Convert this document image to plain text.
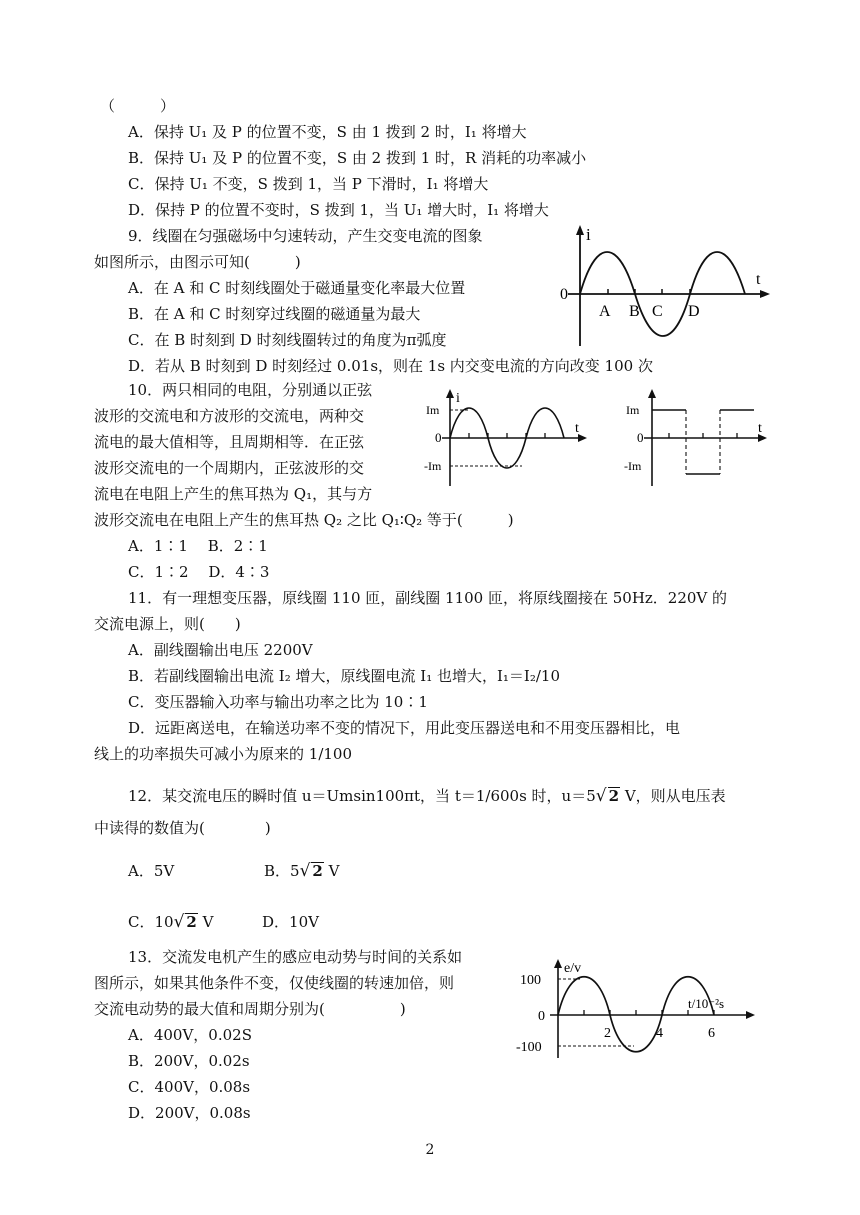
（　　　）
A．保持 U₁ 及 P 的位置不变，S 由 1 拨到 2 时，I₁ 将增大
B．保持 U₁ 及 P 的位置不变，S 由 2 拨到 1 时，R 消耗的功率减小
C．保持 U₁ 不变，S 拨到 1，当 P 下滑时，I₁ 将增大
D．保持 P 的位置不变时，S 拨到 1，当 U₁ 增大时，I₁ 将增大
9．线圈在匀强磁场中匀速转动，产生交变电流的图象
如图所示，由图示可知(　　　)
A．在 A 和 C 时刻线圈处于磁通量变化率最大位置
B．在 A 和 C 时刻穿过线圈的磁通量为最大
C．在 B 时刻到 D 时刻线圈转过的角度为π弧度
D．若从 B 时刻到 D 时刻经过 0.01s，则在 1s 内交变电流的方向改变 100 次
i
t
0
A B C D
10．两只相同的电阻，分别通以正弦
波形的交流电和方波形的交流电，两种交
流电的最大值相等，且周期相等．在正弦
波形交流电的一个周期内，正弦波形的交
流电在电阻上产生的焦耳热为 Q₁，其与方
波形交流电在电阻上产生的焦耳热 Q₂ 之比 Q₁∶Q₂ 等于(　　　)
A．1∶1　 B．2∶1
C．1∶2　 D．4∶3
i
t
Im
0
-Im
t
Im
0
-Im
11．有一理想变压器，原线圈 110 匝，副线圈 1100 匝，将原线圈接在 50Hz．220V 的
交流电源上，则(　　)
A．副线圈输出电压 2200V
B．若副线圈输出电流 I₂ 增大，原线圈电流 I₁ 也增大，I₁＝I₂/10
C．变压器输入功率与输出功率之比为 10∶1
D．远距离送电，在输送功率不变的情况下，用此变压器送电和不用变压器相比，电
线上的功率损失可减小为原来的 1/100
12．某交流电压的瞬时值 u＝Umsin100πt，当 t＝1/600s 时，u＝5√ 2 V，则从电压表
中读得的数值为(　　　　)
A．5V	B．5√ 2 V
C．10√ 2 V	D．10V
13．交流发电机产生的感应电动势与时间的关系如
图所示，如果其他条件不变，仅使线圈的转速加倍，则
交流电动势的最大值和周期分别为(　　　　　)
A．400V，0.02S
B．200V，0.02s
C．400V，0.08s
D．200V，0.08s
e/v
t/10⁻²s
100
0
-100
2	4	6
2
